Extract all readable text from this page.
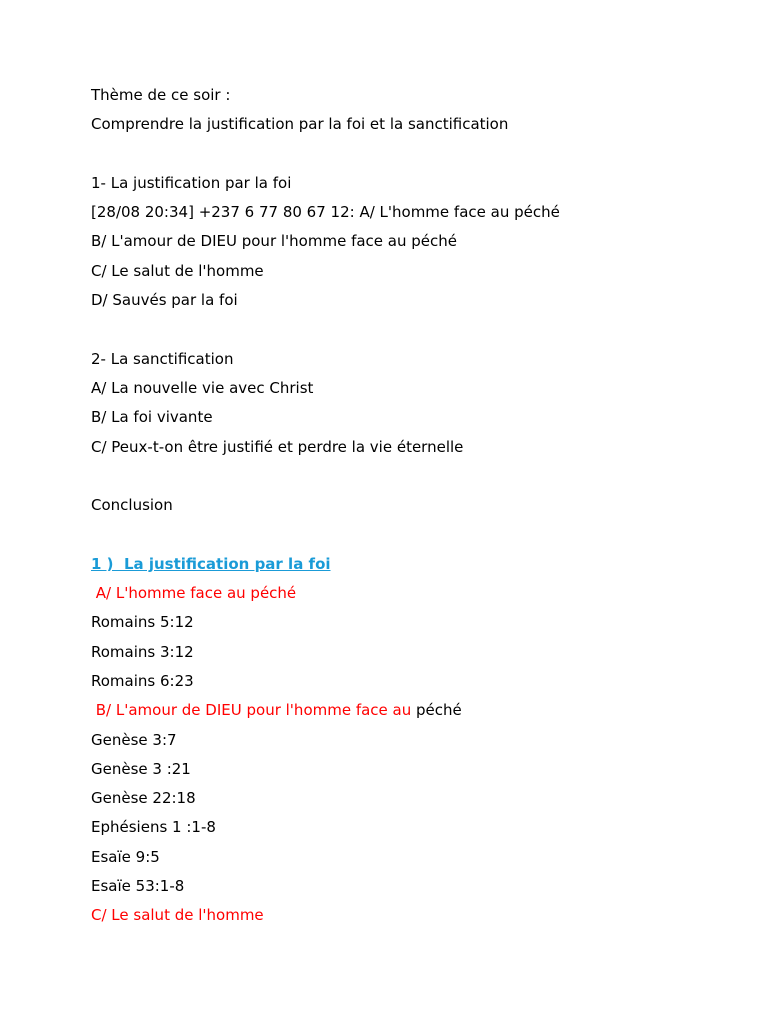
Thème de ce soir :
Comprendre la justification par la foi et la sanctification
1- La justification par la foi
[28/08 20:34] +237 6 77 80 67 12: A/ L'homme face au péché
B/ L'amour de DIEU pour l'homme face au péché
C/ Le salut de l'homme
D/ Sauvés par la foi
2- La sanctification
A/ La nouvelle vie avec Christ
B/ La foi vivante
C/ Peux-t-on être justifié et perdre la vie éternelle
Conclusion
1 )  La justification par la foi
A/ L'homme face au péché
Romains 5:12
Romains 3:12
Romains 6:23
B/ L'amour de DIEU pour l'homme face au péché
Genèse 3:7
Genèse 3 :21
Genèse 22:18
Ephésiens 1 :1-8
Esaïe 9:5
Esaïe 53:1-8
C/ Le salut de l'homme
